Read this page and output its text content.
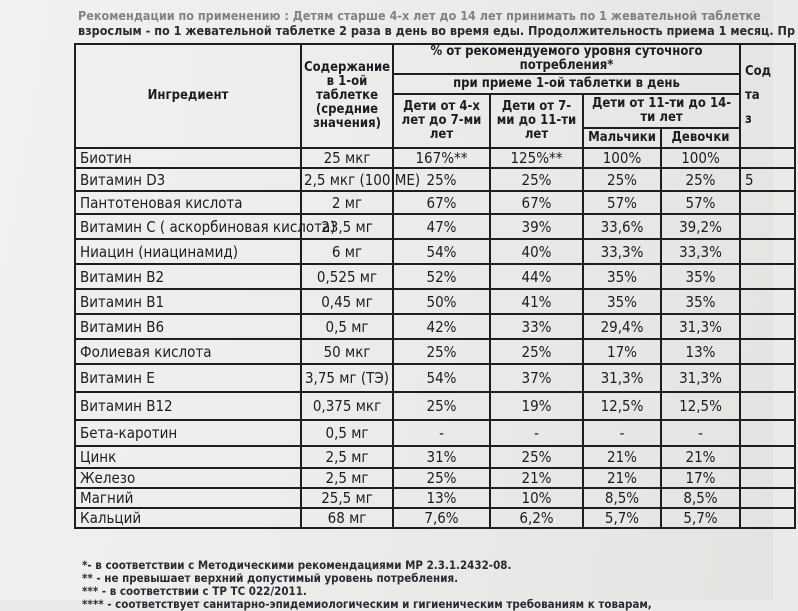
Рекомендации по применению : Детям старше 4-х лет до 14 лет принимать по 1 жевательной таблетке
взрослым - по 1 жевательной таблетке 2 раза в день во время еды. Продолжительность приема 1 месяц. Пр
Ингредиент	Содержание в 1-ой таблетке (средние значения)	% от рекомендуемого уровня суточного потребления*				Сод
та
з

		при приеме 1-ой таблетки в день				
		Дети от 4-х лет до 7-ми лет	Дети от 7-ми до 11-ти лет	Дети от 11-ти до 14-ти лет		
				Мальчики	Девочки	
Биотин	25 мкг	167%**	125%**	100%	100%	
Витамин D3	2,5 мкг (100 МЕ)	25%	25%	25%	25%	5
Пантотеновая кислота	2 мг	67%	67%	57%	57%	
Витамин С ( аскорбиновая кислота)	23,5 мг	47%	39%	33,6%	39,2%	
Ниацин (ниацинамид)	6 мг	54%	40%	33,3%	33,3%	
Витамин В2	0,525 мг	52%	44%	35%	35%	
Витамин В1	0,45 мг	50%	41%	35%	35%	
Витамин В6	0,5 мг	42%	33%	29,4%	31,3%	
Фолиевая кислота	50 мкг	25%	25%	17%	13%	
Витамин Е	3,75 мг (ТЭ)	54%	37%	31,3%	31,3%	
Витамин В12	0,375 мкг	25%	19%	12,5%	12,5%	
Бета-каротин	0,5 мг	-	-	-	-	
Цинк	2,5 мг	31%	25%	21%	21%	
Железо	2,5 мг	25%	21%	21%	17%	
Магний	25,5 мг	13%	10%	8,5%	8,5%	
Кальций	68 мг	7,6%	6,2%	5,7%	5,7%	
*- в соответствии с Методическими рекомендациями МР 2.3.1.2432-08.
** - не превышает верхний допустимый уровень потребления.
*** - в соответствии с ТР ТС 022/2011.
**** - соответствует санитарно-эпидемиологическим и гигиеническим требованиям к товарам,
